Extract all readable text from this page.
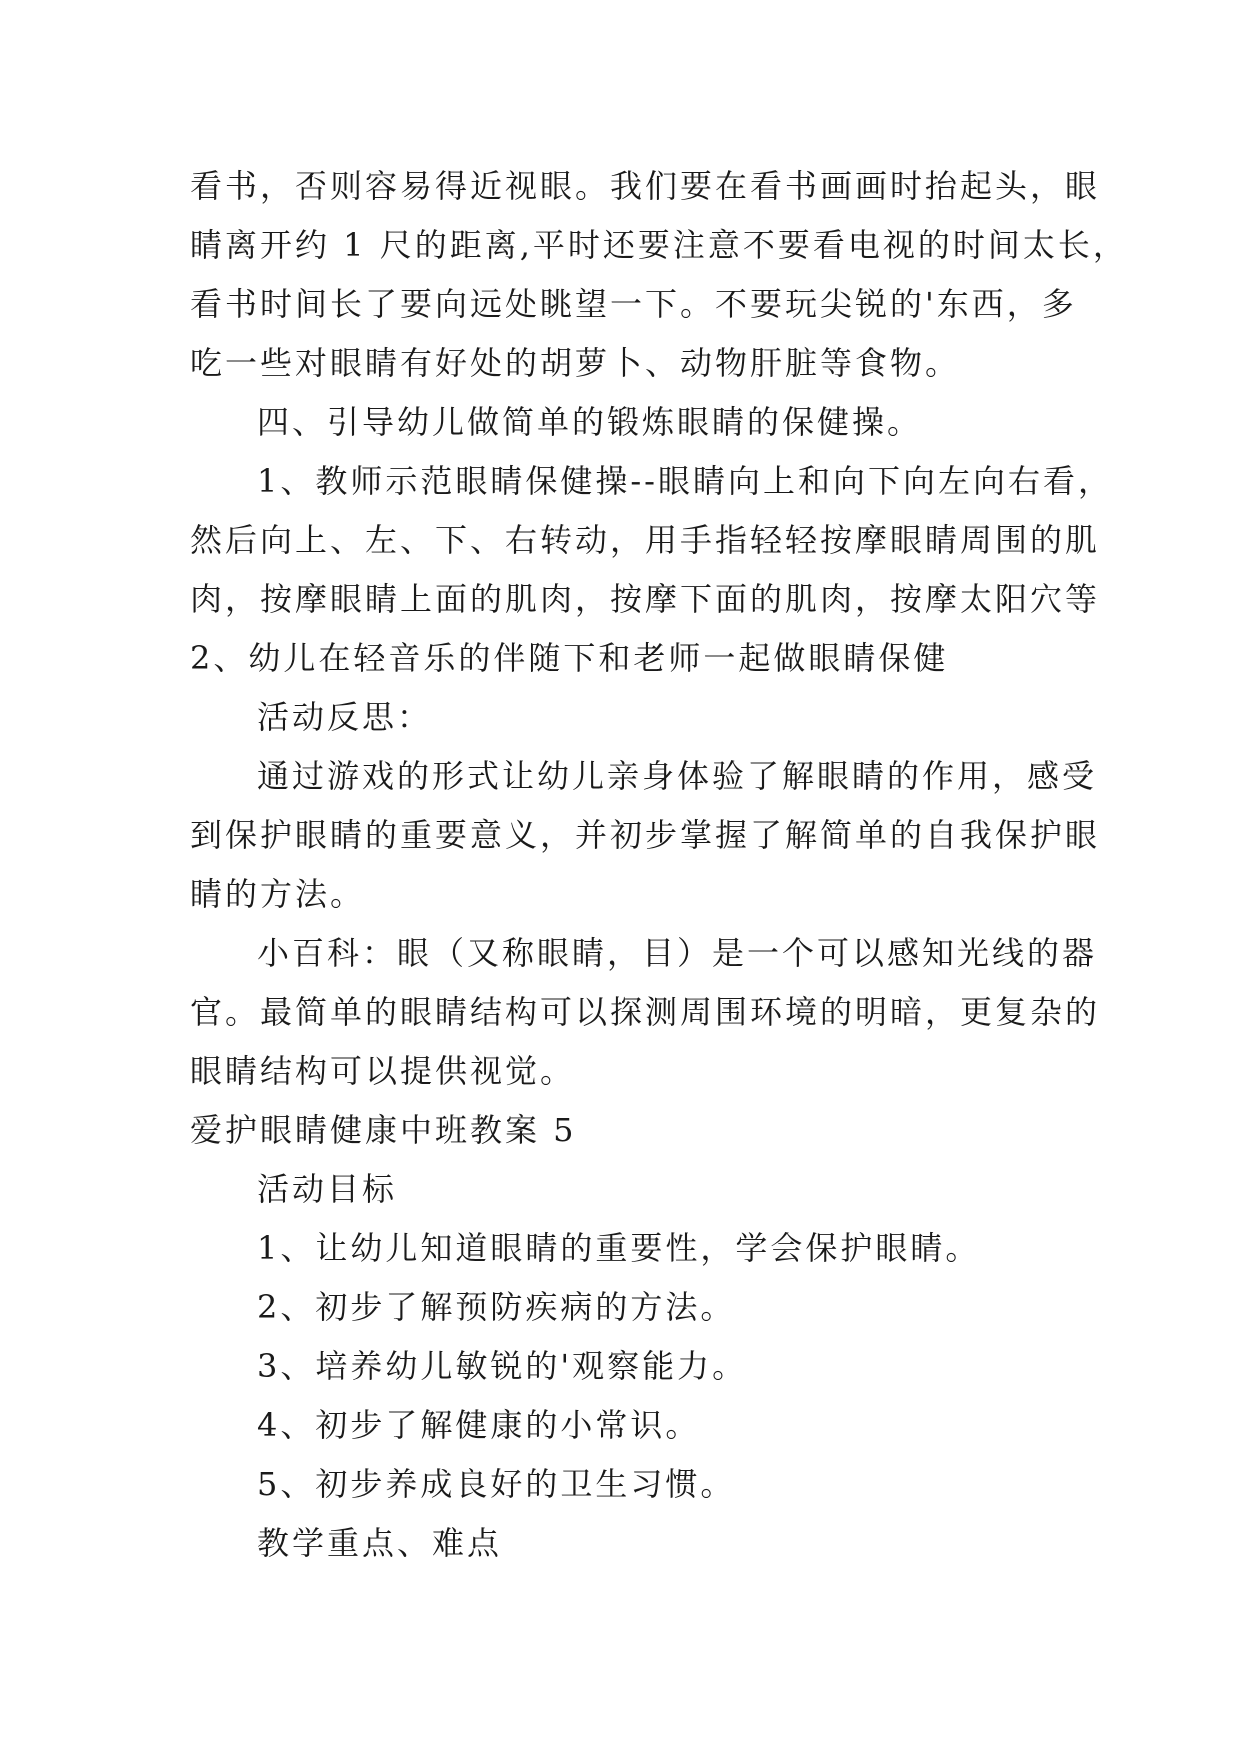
看书，否则容易得近视眼。我们要在看书画画时抬起头，眼
睛离开约 1 尺的距离,平时还要注意不要看电视的时间太长，
看书时间长了要向远处眺望一下。不要玩尖锐的'东西，多
吃一些对眼睛有好处的胡萝卜、动物肝脏等食物。
四、引导幼儿做简单的锻炼眼睛的保健操。
1、教师示范眼睛保健操--眼睛向上和向下向左向右看，
然后向上、左、下、右转动，用手指轻轻按摩眼睛周围的肌
肉，按摩眼睛上面的肌肉，按摩下面的肌肉，按摩太阳穴等
2、幼儿在轻音乐的伴随下和老师一起做眼睛保健
活动反思：
通过游戏的形式让幼儿亲身体验了解眼睛的作用，感受
到保护眼睛的重要意义，并初步掌握了解简单的自我保护眼
睛的方法。
小百科：眼（又称眼睛，目）是一个可以感知光线的器
官。最简单的眼睛结构可以探测周围环境的明暗，更复杂的
眼睛结构可以提供视觉。
爱护眼睛健康中班教案 5
活动目标
1、让幼儿知道眼睛的重要性，学会保护眼睛。
2、初步了解预防疾病的方法。
3、培养幼儿敏锐的'观察能力。
4、初步了解健康的小常识。
5、初步养成良好的卫生习惯。
教学重点、难点
